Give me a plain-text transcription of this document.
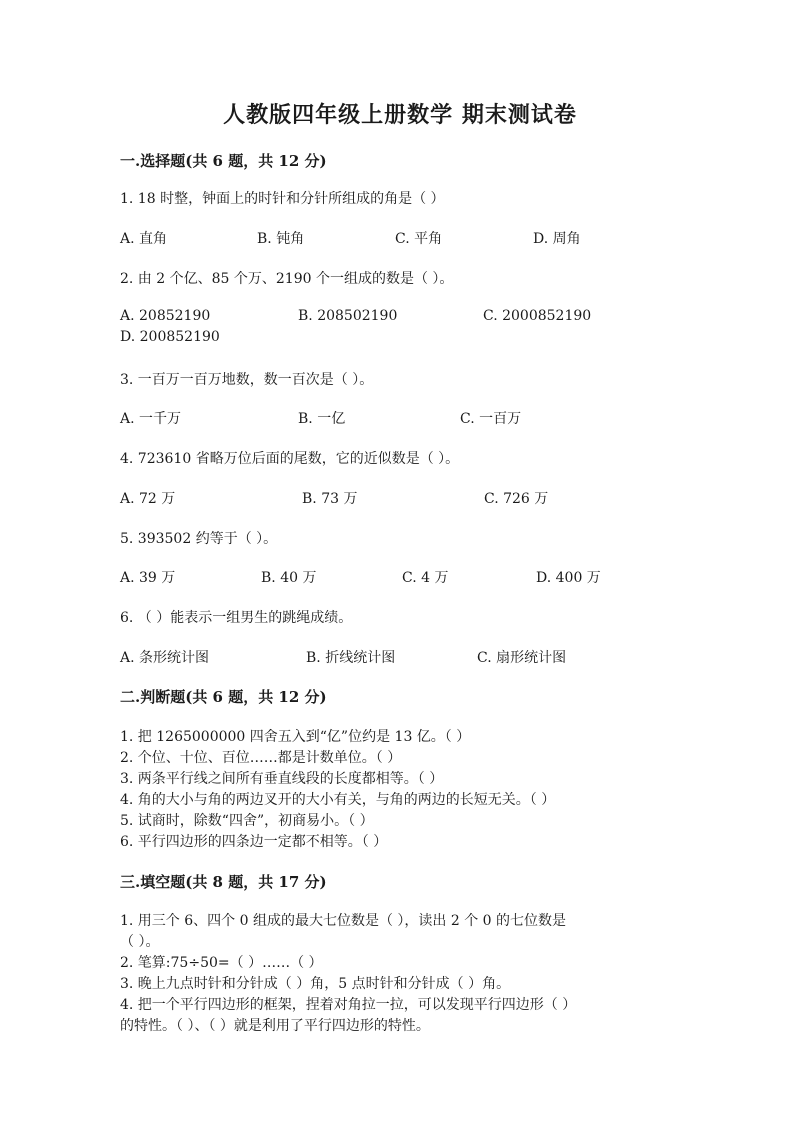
人教版四年级上册数学 期末测试卷
一.选择题(共 6 题，共 12 分)
1. 18 时整，钟面上的时针和分针所组成的角是（ ）
A. 直角	B. 钝角	C. 平角	D. 周角
2. 由 2 个亿、85 个万、2190 个一组成的数是（ ）。
A. 20852190	B. 208502190	C. 2000852190
D. 200852190
3. 一百万一百万地数，数一百次是（ ）。
A. 一千万	B. 一亿	C. 一百万
4. 723610 省略万位后面的尾数，它的近似数是（ ）。
A. 72 万	B. 73 万	C. 726 万
5. 393502 约等于（ ）。
A. 39 万	B. 40 万	C. 4 万	D. 400 万
6. （ ）能表示一组男生的跳绳成绩。
A. 条形统计图	B. 折线统计图	C. 扇形统计图
二.判断题(共 6 题，共 12 分)
1. 把 1265000000 四舍五入到“亿”位约是 13 亿。（ ）
2. 个位、十位、百位……都是计数单位。（ ）
3. 两条平行线之间所有垂直线段的长度都相等。（ ）
4. 角的大小与角的两边叉开的大小有关，与角的两边的长短无关。（ ）
5. 试商时，除数“四舍”，初商易小。（ ）
6. 平行四边形的四条边一定都不相等。（ ）
三.填空题(共 8 题，共 17 分)
1. 用三个 6、四个 0 组成的最大七位数是（ ），读出 2 个 0 的七位数是
（ ）。
2. 笔算:75÷50=（ ）……（ ）
3. 晚上九点时针和分针成（ ）角，5 点时针和分针成（ ）角。
4. 把一个平行四边形的框架，捏着对角拉一拉，可以发现平行四边形（ ）
的特性。（ ）、（ ）就是利用了平行四边形的特性。
